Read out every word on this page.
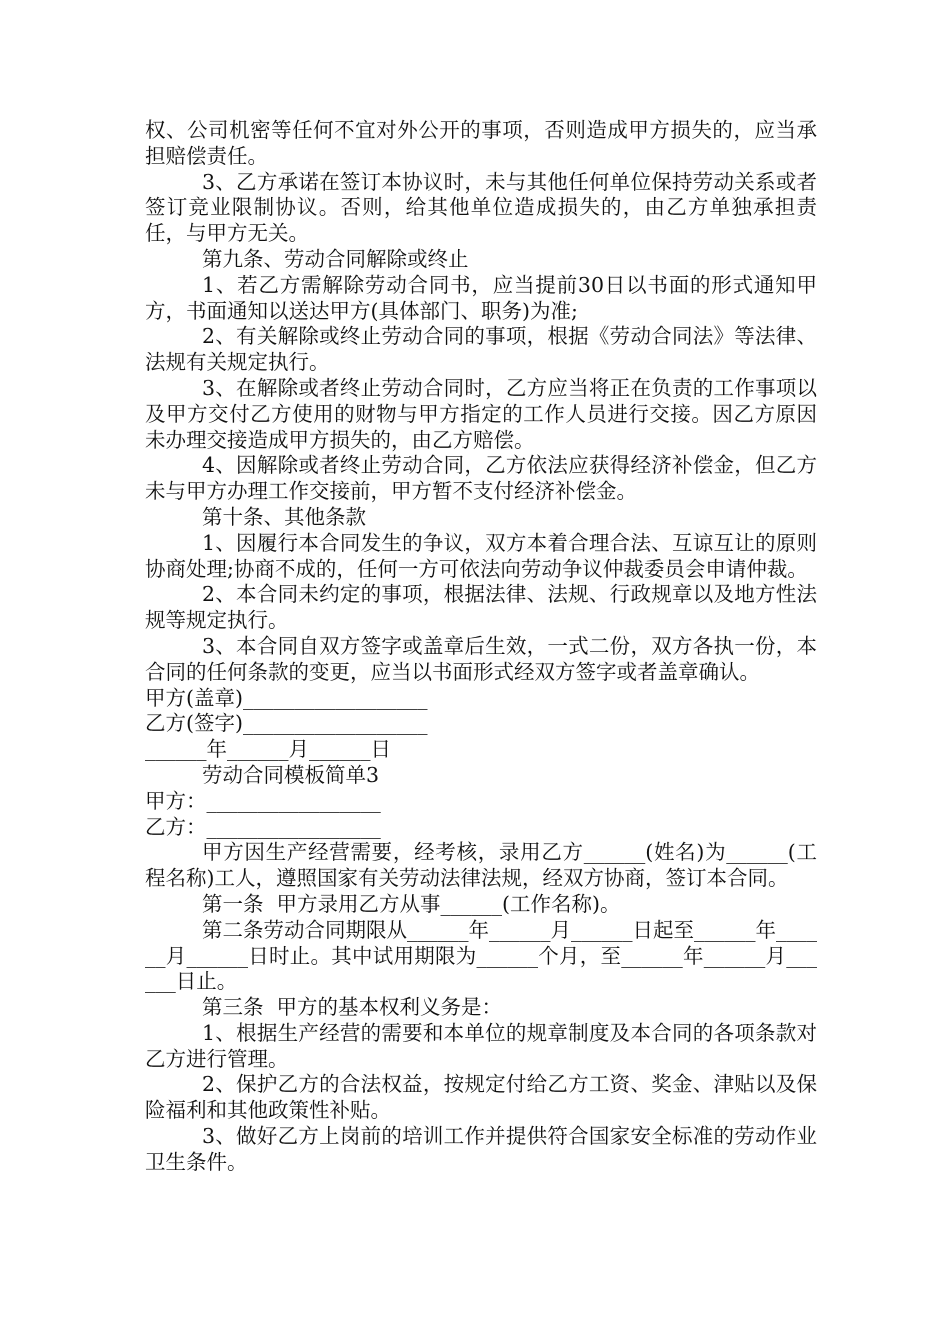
权、公司机密等任何不宜对外公开的事项，否则造成甲方损失的，应当承担赔偿责任。

3、乙方承诺在签订本协议时，未与其他任何单位保持劳动关系或者签订竞业限制协议。否则，给其他单位造成损失的，由乙方单独承担责任，与甲方无关。

第九条、劳动合同解除或终止

1、若乙方需解除劳动合同书，应当提前30日以书面的形式通知甲方，书面通知以送达甲方(具体部门、职务)为准;

2、有关解除或终止劳动合同的事项，根据《劳动合同法》等法律、法规有关规定执行。

3、在解除或者终止劳动合同时，乙方应当将正在负责的工作事项以及甲方交付乙方使用的财物与甲方指定的工作人员进行交接。因乙方原因未办理交接造成甲方损失的，由乙方赔偿。

4、因解除或者终止劳动合同，乙方依法应获得经济补偿金，但乙方未与甲方办理工作交接前，甲方暂不支付经济补偿金。

第十条、其他条款

1、因履行本合同发生的争议，双方本着合理合法、互谅互让的原则协商处理;协商不成的，任何一方可依法向劳动争议仲裁委员会申请仲裁。

2、本合同未约定的事项，根据法律、法规、行政规章以及地方性法规等规定执行。

3、本合同自双方签字或盖章后生效，一式二份，双方各执一份，本合同的任何条款的变更，应当以书面形式经双方签字或者盖章确认。

甲方(盖章)__________________

乙方(签字)__________________

______年______月______日

劳动合同模板简单3

甲方：_________________

乙方：_________________

甲方因生产经营需要，经考核，录用乙方______(姓名)为______(工程名称)工人，遵照国家有关劳动法律法规，经双方协商，签订本合同。

第一条  甲方录用乙方从事______(工作名称)。

第二条劳动合同期限从______年______月______日起至______年______月______日时止。其中试用期限为______个月，至______年______月______日止。

第三条  甲方的基本权利义务是：

1、根据生产经营的需要和本单位的规章制度及本合同的各项条款对乙方进行管理。

2、保护乙方的合法权益，按规定付给乙方工资、奖金、津贴以及保险福利和其他政策性补贴。

3、做好乙方上岗前的培训工作并提供符合国家安全标准的劳动作业卫生条件。
